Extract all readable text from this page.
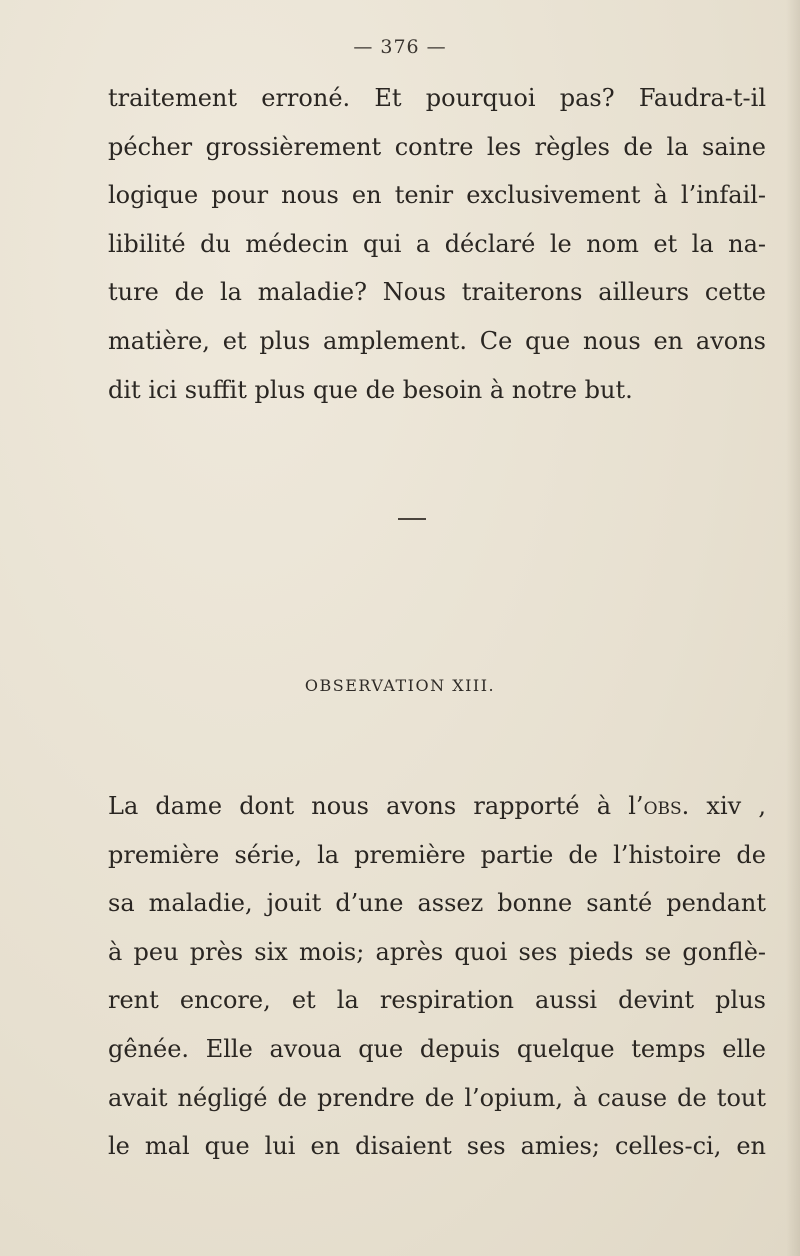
— 376 —

traitement erroné. Et pourquoi pas? Faudra-t-il
pécher grossièrement contre les règles de la saine
logique pour nous en tenir exclusivement à l’infail-
libilité du médecin qui a déclaré le nom et la na-
ture de la maladie? Nous traiterons ailleurs cette
matière, et plus amplement. Ce que nous en avons
dit ici suffit plus que de besoin à notre but.

OBSERVATION XIII.

La dame dont nous avons rapporté à l’obs. xiv ,
première série, la première partie de l’histoire de
sa maladie, jouit d’une assez bonne santé pendant
à peu près six mois; après quoi ses pieds se gonflè-
rent encore, et la respiration aussi devint plus
gênée. Elle avoua que depuis quelque temps elle
avait négligé de prendre de l’opium, à cause de tout
le mal que lui en disaient ses amies; celles-ci, en
